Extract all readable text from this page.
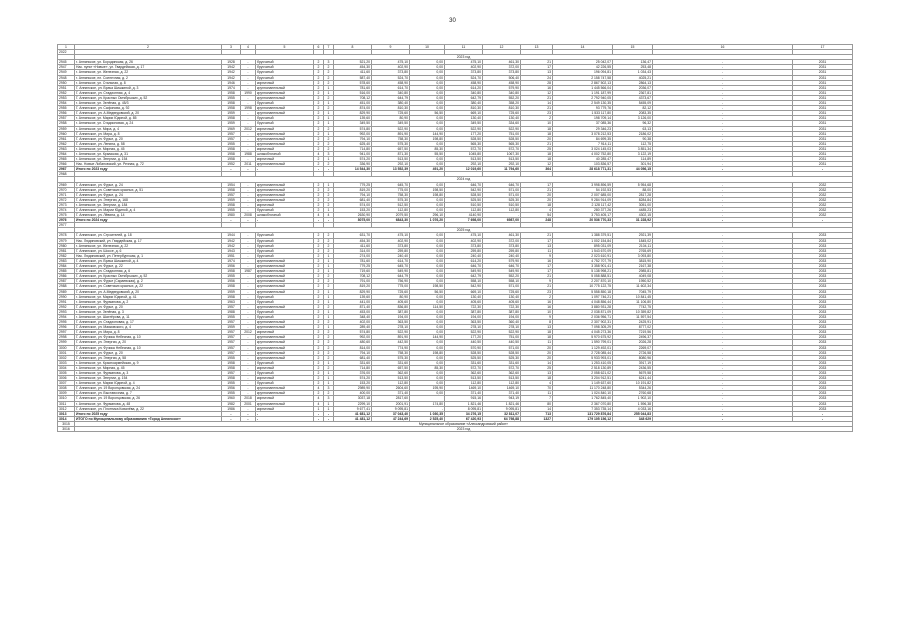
30
1	2	3	4	5	6	7	8	9	10	11	12	13	14	15	16	17
2022																
	2023 год															
2945	г. Аннинское, ул. Бородинская, д. 26	1928	-	брусчатый	2	3	521,20	475,10	0,00	475,10	461,30	21	25 042,07	136,47	-	2031
2947	Нас. пункт «Новые», ул. Гвардейская, д. 17	1942	-	брусчатый	2	2	454,30	402,90	0,00	402,90	372,00	17	42 226,55	253,48	-	2031
2949	г. Аннинское, ул. Железная, д. 22	1942	-	брусчатый	2	2	411,60	373,80	0,00	373,80	373,80	13	196 094,81	1 034,43	-	2031
2948	г. Аннинское, пл. Солнечная, д. 2	1942	-	брусчатый	2	2	587,40	524,70	0,00	524,70	506,40	24	2 158 747,58	4025,21	-	2031
2950	г. Аннинское, ул. Стальная, д. 8	1946	-	кирпичный	2	2	578,60	458,90	0,00	458,90	458,90	28	2 867 502,13	2864,13	-	2031
2951	Г. Аннинское, ул. Врача Шишкиной, д. 3	1974	-	крупнопанельный	2	1	781,60	614,70	0,00	614,20	579,90	16	1 445 566,04	2036,07	-	2031
2952	Г. Аннинское, ул. Стадионная, д. 4	1958	1990	крупнопанельный	2	1	516,00	340,80	0,00	340,80	340,80	12	1 191 187,99	2367,81	-	2031
2953	Г. Аннинское, ул. Красных Октябрьских, д. 52	1955	-	крупнопанельный	2	2	708,12	644,79	0,00	642,79	552,20	21	2 792 940,05	4373,67	-	2031
2954	г. Аннинское, ул. Зелёная, д. 45/3	1958	-	брусчатый	2	1	451,00	380,40	0,00	380,40	358,20	14	2 549 130,35	5455,09	-	2031
2955	Г. Аннинское, ул. Сафонова, д. 92	1958	1998	крупнопанельный	2	2	874,00	810,30	0,00	810,30	810,30	21	93 779,76	82,12	-	2031
2956	Г. Аннинское, ул. А.Медведовский, д. 20	1959	-	крупнопанельный	2	1	829,90	725,60	56,50	669,10	725,60	23	1 533 117,80	2083,35	-	2031
2957	г. Аннинское, ул. Марии Юдиной, д. 85	1958	-	брусчатый	2	1	139,60	80,90	0,00	130,40	130,40	2	198 709,14	3 126,00	-	2031
2958	г. Аннинское, ул. Стадионовая, д. 24	1959	-	брусчатый	2	1	349,50	349,50	0,00	349,50	334,60	10	37 085,36	96,32	-	2031
2959	г. Аннинское, ул. Мира, д. 4	1969	2012	кирпичный	2	2	574,80	522,90	0,00	522,90	522,90	18	29 346,23	63,13	-	2031
2960	Г. Аннинское, ул. Мира, д. 8	1957	-	крупнопанельный	2	1	992,00	891,90	144,90	177,20	751,00	18	3 078 212,53	2186,02	-	2031
2961	Г. Аннинское, ул. Фурье, д. 20	1957	-	крупнопанельный	2	2	794,10	758,30	198,80	528,50	528,50	20	84 699,35	90,38	-	2031
2962	Г. Аннинское, ул. Ленина, д. 58	1955	-	крупнопанельный	2	2	625,40	575,30	0,00	565,30	565,30	21	7 914,11	112,75	-	2031
2963	г. Аннинское, ул. Мирная, д. 45	1958	-	кирпичный	2	2	714,80	657,50	85,30	572,70	572,70	25	3 024 145,03	3 851,34	-	2031
2964	г. Аннинское, ул. Крымская, д. 31	1958	1988	шлакоблочный	4	3	941,00	871,30	55,50	1045,80	1067,30	18	4 002 752,80	3 122,19	-	2031
2965	г. Аннинское, ул. Энергии, д. 154	1958	-	кирпичный	2	1	574,20	513,50	0,00	513,50	513,50	18	40 285,47	114,89	-	2031
2966	Нас. Новые Лобановский, ул. Речная, д. 72	1952	2011	крупнопанельный	2	2	336,90	292,10	0,00	292,10	292,10	12	103 836,57	301,94	-	2031
2967	Итого по 2023 году	-	-	-	-	-	14 544,30	13 552,39	491,20	12 019,60	11 794,60	364	28 618 771,31	44 056,15	-	-
2968																
	2024 год															
2969	Г. Аннинское, ул. Фурье, д. 24	1954	-	крупнопанельный	2	1	779,25	645,70	0,00	646,70	646,70	17	3 998 896,59	5 954,68	-	2032
2970	Г. Аннинское, ул. Советских красных, д. 51	1958	-	крупнопанельный	2	2	819,20	775,00	198,50	542,90	571,00	21	54 192,53	88,00	-	2032
2971	Г. Аннинское, ул. Фурье, д. 24	1957	-	крупнопанельный	2	2	794,10	758,30	198,80	528,50	571,00	20	2 007 685,00	2817,28	-	2032
2972	Г. Аннинское, ул. Энергии, д. 168	1959	-	крупнопанельный	2	2	681,40	575,30	0,00	525,50	525,30	20	9 284 914,09	8284,84	-	2032
2973	г. Аннинское, ул. Энергии, д. 184	1958	-	кирпичный	2	2	574,00	512,50	0,00	510,50	510,50	18	2 128 117,42	3051,00	-	2032
2974	Г. Аннинское, ул. Марии Юдиной, д. 4	1955	-	брусчатый	2	1	153,20	112,80	0,00	112,80	112,80	4	280 377,26	4485,23	-	2032
2975	Г. Аннинское, ул. Лёвина, д. 14	1980	2008	шлакоблочный	4	4	2630,90	2079,50	296,10	4140,90	-	54	3 753 405,17	4302,15	-	2032
2976	Итого по 2024 году	-	-	-	-	-	8075,00	6843,30	1 076,20	7 698,00	6987,00	248	20 536 770,33	31 228,92	-	-
2977																
	2025 год															
2978	Г. Аннинское, ул. Строителей, д. 18	1944	-	брусчатый	2	2	631,70	475,10	0,00	475,10	461,30	21	1 388 379,51	2921,39	-	2033
2979	Нас. Людиновский, ул. Гвардейская, д. 17	1942	-	брусчатый	2	2	454,30	402,90	0,00	402,90	372,00	17	1 002 154,84	1845,02	-	2033
2980	г. Аннинское, ул. Железная, д. 22	1942	-	брусчатый	2	2	411,60	373,80	0,00	373,80	373,80	13	895 031,09	2104,11	-	2033
2981	Г. Аннинское, ул. Шоссе, д. 6	1943	-	брусчатый	2	2	314,00	259,80	0,00	259,80	259,80	11	1 543 670,09	2765,69	-	2033
2982	Нас. Людиновский, ул. Петербургская, д. 1	1951	-	брусчатый	2	1	274,00	240,40	0,00	240,40	240,40	9	2 023 610,91	3 093,80	-	2033
2983	Г. Аннинское, ул. Врача Шишкиной, д. 4	1974	-	крупнопанельный	2	1	781,60	614,70	0,00	614,20	579,90	16	4 752 707,79	3815,90	-	2033
2984	Г. Аннинское, ул. Фурье, д. 22	1956	-	крупнопанельный	2	1	779,25	645,70	0,00	646,70	646,70	17	3 358 901,41	2167,38	-	2033
2985	Г. Аннинское, ул. Стадионная, д. 6	1958	1987	крупнопанельный	2	1	719,60	549,90	0,00	549,90	549,90	17	5 138 998,21	2985,81	-	2033
2986	Г. Аннинское, ул. Красных Октябрьских, д. 52	1955	-	крупнопанельный	2	2	708,12	644,79	0,00	642,79	552,20	21	5 058 888,51	4049,08	-	2033
2987	Г. Аннинское, ул. Фурье (Сараевская), д. 2	1956	-	крупнопанельный	2	2	791,00	756,90	0,00	558,10	558,10	9	2 207 870,10	1950,52	-	2033
2988	Г. Аннинское, ул. Советских красных, д. 22	1958	-	крупнопанельный	2	2	819,20	775,00	198,50	542,90	571,00	21	10 775 122,75	11 602,34	-	2033
2989	Г. Аннинское, ул. А.Медведовский, д. 20	1959	-	крупнопанельный	2	1	829,90	725,60	56,50	669,10	725,60	23	5 558 850,18	7045,79	-	2033
2990	г. Аннинское, ул. Марии Юдиной, д. 41	1958	-	брусчатый	2	1	139,60	80,90	0,00	130,40	130,40	2	1 097 746,21	10 841,45	-	2033
2991	г. Аннинское, ул. Фурманова, д. 2	1963	-	брусчатый	2	1	441,00	405,60	0,00	405,60	405,60	16	4 048 856,44	11 106,80	-	2033
2992	Г. Аннинское, ул. Фурье, д. 20	1957	-	крупнопанельный	2	2	871,40	836,80	114,50	722,30	722,30	16	3 880 931,28	7742,75	-	2033
2993	г. Аннинское, ул. Зелёная, д. 3	1988	-	брусчатый	2	1	453,00	387,80	0,00	387,80	387,80	10	2 038 871,09	10 359,82	-	2033
2994	г. Аннинское, ул. Шахтёрова, д. 11	1955	-	брусчатый	2	1	348,40	194,00	0,00	194,00	194,00	9	2 036 956,71	11 597,54	-	2033
2995	Г. Аннинское, ул. Стадионовая, д. 17	1957	-	крупнопанельный	2	2	402,00	363,50	0,00	363,50	360,40	8	2 307 902,31	2425,91	-	2033
2996	Г. Аннинское, ул. Маяковского, д. 4	1959	-	крупнопанельный	2	1	289,40	278,10	0,00	278,10	278,10	13	7 098 305,29	8777,02	-	2033
2997	Г. Аннинское, ул. Мира, д. 8	1957	2012	кирпичный	2	2	574,80	522,90	0,00	522,90	522,90	18	4 045 273,36	7219,56	-	2033
2998	Г. Аннинское, ул. Фучика Небесная, д. 10	1957	-	крупнопанельный	2	2	992,00	891,90	144,90	177,20	751,00	18	5 970 675,92	2496,37	-	2033
2999	Г. Аннинское, ул. Энергии, д. 20	1957	-	крупнопанельный	2	2	480,60	442,50	0,00	440,50	440,50	11	1 590 799,01	2026,28	-	2033
3000	Г. Аннинское, ул. Фучика Небесная, д. 10	1957	-	крупнопанельный	2	2	814,00	774,90	0,00	570,90	571,00	20	1 129 492,01	2269,07	-	2033
3001	Г. Аннинское, ул. Фурье, д. 20	1957	-	крупнопанельный	2	2	794,10	758,30	198,80	528,50	528,50	20	2 728 085,44	2726,58	-	2033
3002	Г. Аннинское, ул. Энергии, д. 58	1955	-	крупнопанельный	2	2	681,40	575,30	0,00	525,50	525,30	20	5 933 993,01	8080,96	-	2033
3003	г. Аннинское, ул. Красноармейская, д. 9	1958	-	брусчатый	2	1	331,60	331,60	0,00	331,60	331,60	14	1 253 410,05	3917,19	-	2033
3004	г. Аннинское, ул. Мирная, д. 45	1958	-	кирпичный	2	2	714,80	657,50	85,30	572,70	572,70	25	2 518 130,89	2436,55	-	2033
3005	г. Аннинское, ул. Фурманова, д. 3	1957	-	брусчатый	2	1	376,00	362,60	0,00	362,60	362,60	13	2 058 621,02	5679,58	-	2033
3006	г. Аннинское, ул. Энергии, д. 154	1958	-	кирпичный	2	1	574,20	513,50	0,00	513,50	513,50	18	3 204 912,51	6241,44	-	2033
3007	г. Аннинское, ул. Марии Юдиной, д. 4	1955	-	брусчатый	2	1	153,20	112,80	0,00	112,80	112,80	4	1 149 637,60	10 191,82	-	2033
3008	Г. Аннинское, ул. 19 Воронцовская, д. 24	1956	-	крупнопанельный	4	3	2989,90	2604,60	195,90	1469,10	1469,10	70	11 170 248,80	5344,26	-	2033
3009	Г. Аннинское, ул. Выставочная, д. 7	1955	-	крупнопанельный	2	2	400,00	371,40	0,00	371,40	371,40	11	1 024 840,10	2760,68	-	2033
3010	Г. Аннинское, ул. 19 Воронцовская, д. 26	1960	2018	кирпичный	4	3	3037,18	2817,60		915,16	943,19	7	1 762 845,40	1 902,10	-	2033
3011	г. Аннинское, ул. Фурманова, д. 48	1982	2001	крупнопанельный	4	1	2299,10	2001,91	174,80	1 821,46	1 821,46	80	2 367 070,80	1 596,38	-	2033
3012	Г. Аннинское, ул. Плотника Ковалёва, д. 22	1986	-	кирпичный	1	1	9 677,41	9 095,81	-	8 095,81	9 095,81	14	7 353 735,14	4 033,16	-	2033
3013	Итого по 2025 году	-	-	-	-	-	41 681,12	37 043,40	1 030,35	34 276,15	32 811,07	713	131 729 876,84	255 044,83	-	-
3014	ИТОГО по Муниципальному образованию «Город Аннинское»	-	-	-	-	-	41 481,12	47 244,69	2 525,40	67 420,93	64 798,88	1327	179 105 156,12	348 629	-	-
3015	Муниципальное образование «Александровский район»															
3016	2023 год															
